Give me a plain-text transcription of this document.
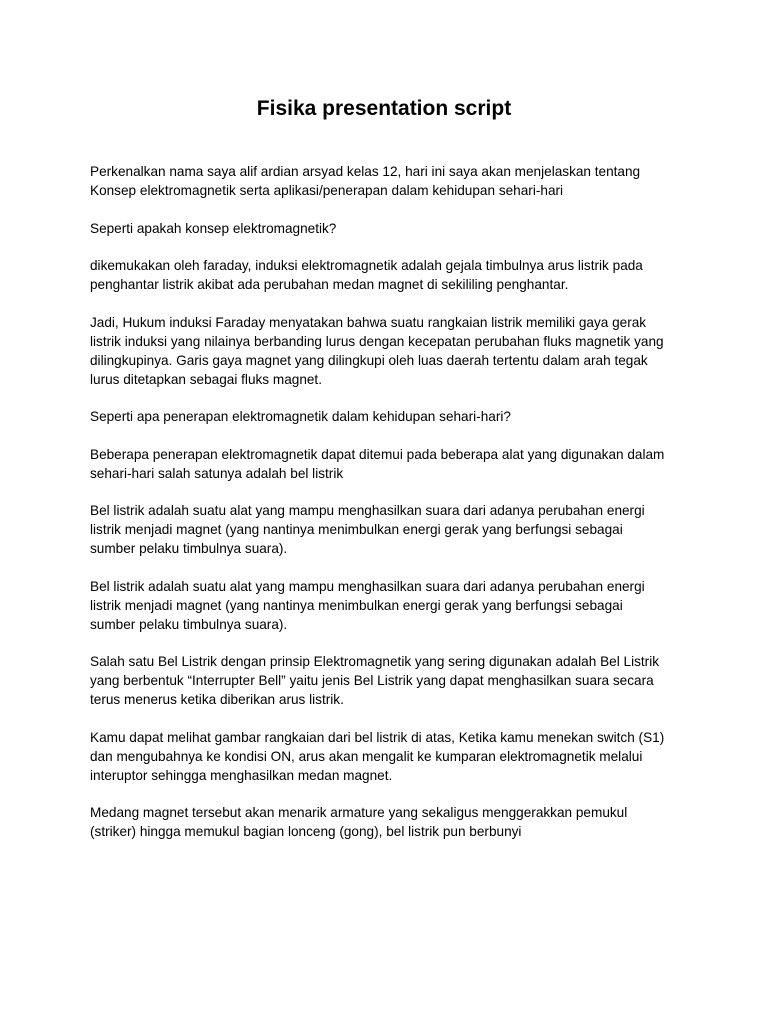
Fisika presentation script

Perkenalkan nama saya alif ardian arsyad kelas 12, hari ini saya akan menjelaskan tentang
Konsep elektromagnetik serta aplikasi/penerapan dalam kehidupan sehari-hari

Seperti apakah konsep elektromagnetik?

dikemukakan oleh faraday, induksi elektromagnetik adalah gejala timbulnya arus listrik pada
penghantar listrik akibat ada perubahan medan magnet di sekililing penghantar.

Jadi, Hukum induksi Faraday menyatakan bahwa suatu rangkaian listrik memiliki gaya gerak
listrik induksi yang nilainya berbanding lurus dengan kecepatan perubahan fluks magnetik yang
dilingkupinya. Garis gaya magnet yang dilingkupi oleh luas daerah tertentu dalam arah tegak
lurus ditetapkan sebagai fluks magnet.

Seperti apa penerapan elektromagnetik dalam kehidupan sehari-hari?

Beberapa penerapan elektromagnetik dapat ditemui pada beberapa alat yang digunakan dalam
sehari-hari salah satunya adalah bel listrik

Bel listrik adalah suatu alat yang mampu menghasilkan suara dari adanya perubahan energi
listrik menjadi magnet (yang nantinya menimbulkan energi gerak yang berfungsi sebagai
sumber pelaku timbulnya suara).

Bel listrik adalah suatu alat yang mampu menghasilkan suara dari adanya perubahan energi
listrik menjadi magnet (yang nantinya menimbulkan energi gerak yang berfungsi sebagai
sumber pelaku timbulnya suara).

Salah satu Bel Listrik dengan prinsip Elektromagnetik yang sering digunakan adalah Bel Listrik
yang berbentuk “Interrupter Bell” yaitu jenis Bel Listrik yang dapat menghasilkan suara secara
terus menerus ketika diberikan arus listrik.

Kamu dapat melihat gambar rangkaian dari bel listrik di atas, Ketika kamu menekan switch (S1)
dan mengubahnya ke kondisi ON, arus akan mengalit ke kumparan elektromagnetik melalui
interuptor sehingga menghasilkan medan magnet.

Medang magnet tersebut akan menarik armature yang sekaligus menggerakkan pemukul
(striker) hingga memukul bagian lonceng (gong), bel listrik pun berbunyi
